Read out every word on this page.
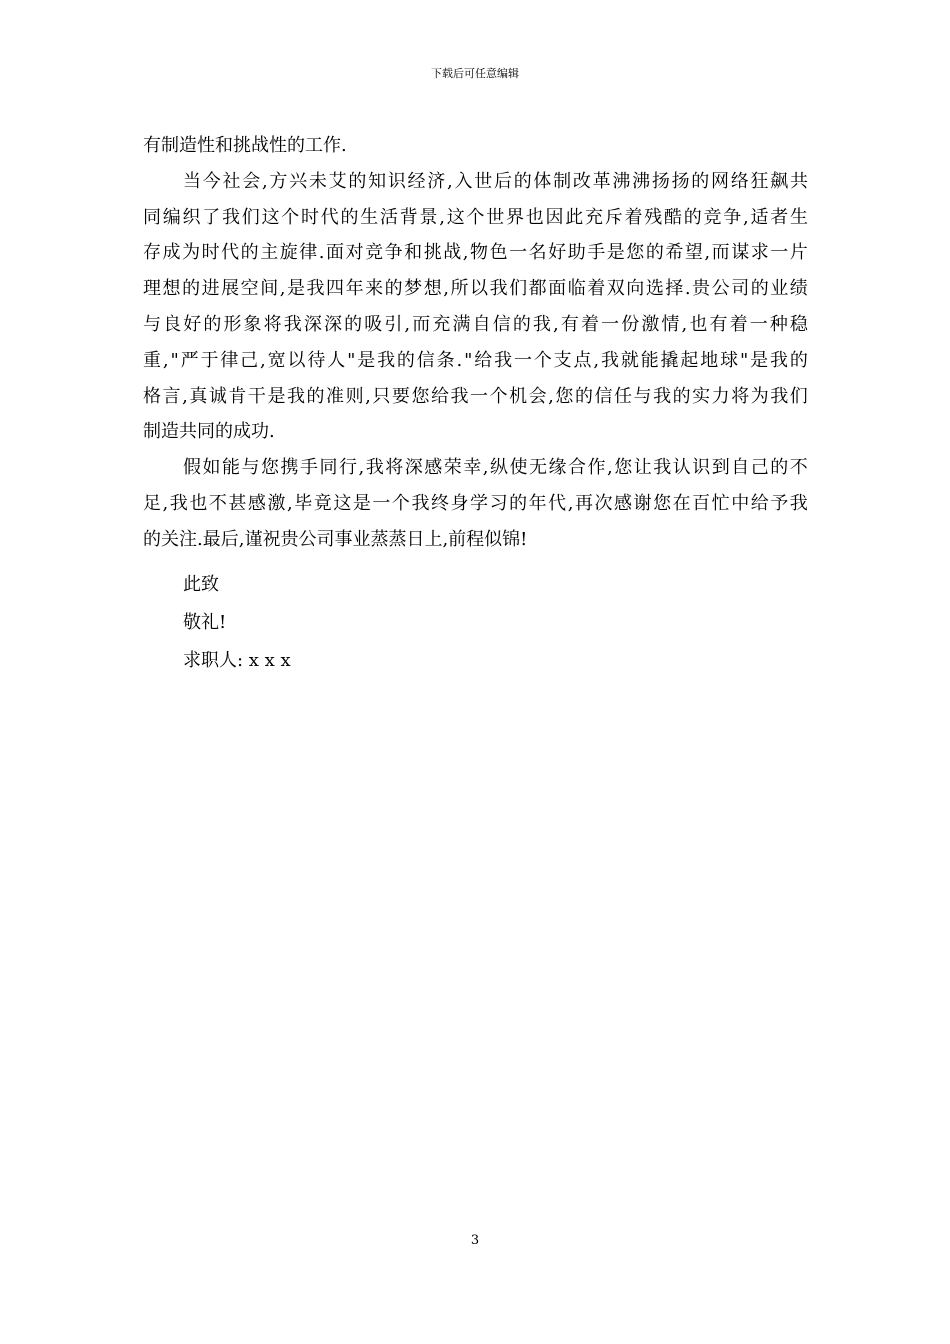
下载后可任意编辑
有制造性和挑战性的工作.
当 今 社 会 , 方 兴 未 艾 的 知 识 经 济 , 入 世 后 的 体 制 改 革 沸 沸 扬 扬 的 网 络 狂 飙 共
同 编 织 了 我 们 这 个 时 代 的 生 活 背 景 , 这 个 世 界 也 因 此 充 斥 着 残 酷 的 竞 争 , 适 者 生
存 成 为 时 代 的 主 旋 律 . 面 对 竞 争 和 挑 战 , 物 色 一 名 好 助 手 是 您 的 希 望 , 而 谋 求 一 片
理 想 的 进 展 空 间 , 是 我 四 年 来 的 梦 想 , 所 以 我 们 都 面 临 着 双 向 选 择 . 贵 公 司 的 业 绩
与 良 好 的 形 象 将 我 深 深 的 吸 引 , 而 充 满 自 信 的 我 , 有 着 一 份 激 情 , 也 有 着 一 种 稳
重 , " 严 于 律 己 , 宽 以 待 人 " 是 我 的 信 条 . " 给 我 一 个 支 点 , 我 就 能 撬 起 地 球 " 是 我 的
格 言 , 真 诚 肯 干 是 我 的 准 则 , 只 要 您 给 我 一 个 机 会 , 您 的 信 任 与 我 的 实 力 将 为 我 们
制造共同的成功.
假 如 能 与 您 携 手 同 行 , 我 将 深 感 荣 幸 , 纵 使 无 缘 合 作 , 您 让 我 认 识 到 自 己 的 不
足 , 我 也 不 甚 感 激 , 毕 竟 这 是 一 个 我 终 身 学 习 的 年 代 , 再 次 感 谢 您 在 百 忙 中 给 予 我
的关注.最后,谨祝贵公司事业蒸蒸日上,前程似锦!
此致
敬礼!
求职人: x x x
3
